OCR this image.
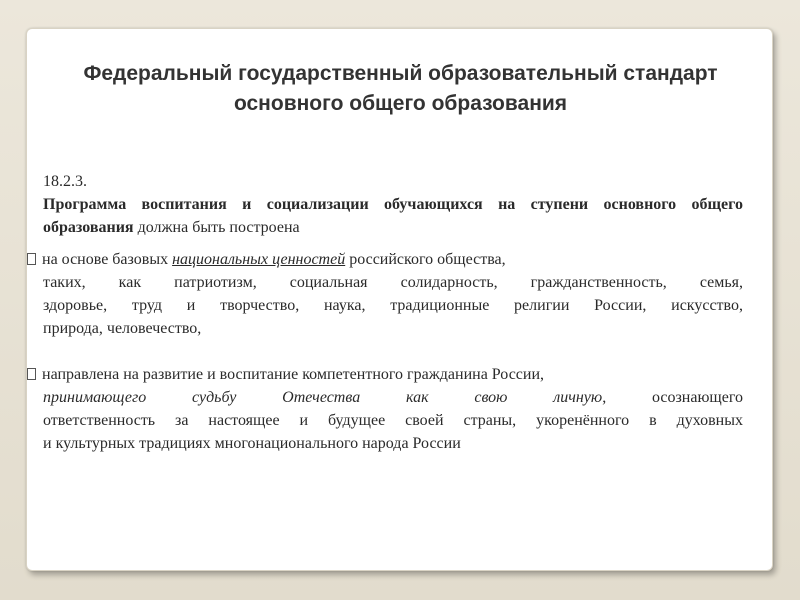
Федеральный государственный образовательный стандарт
основного общего образования
18.2.3.
Программа воспитания и социализации обучающихся на ступени основного общего образования должна быть построена
на основе базовых национальных ценностей российского общества,
таких, как патриотизм, социальная солидарность, гражданственность, семья,
здоровье, труд и творчество, наука, традиционные религии России, искусство,
природа, человечество,
направлена на развитие и воспитание компетентного гражданина России,
принимающего судьбу Отечества как свою личную, осознающего
ответственность за настоящее и будущее своей страны, укоренённого в духовных
и культурных традициях многонационального народа России
